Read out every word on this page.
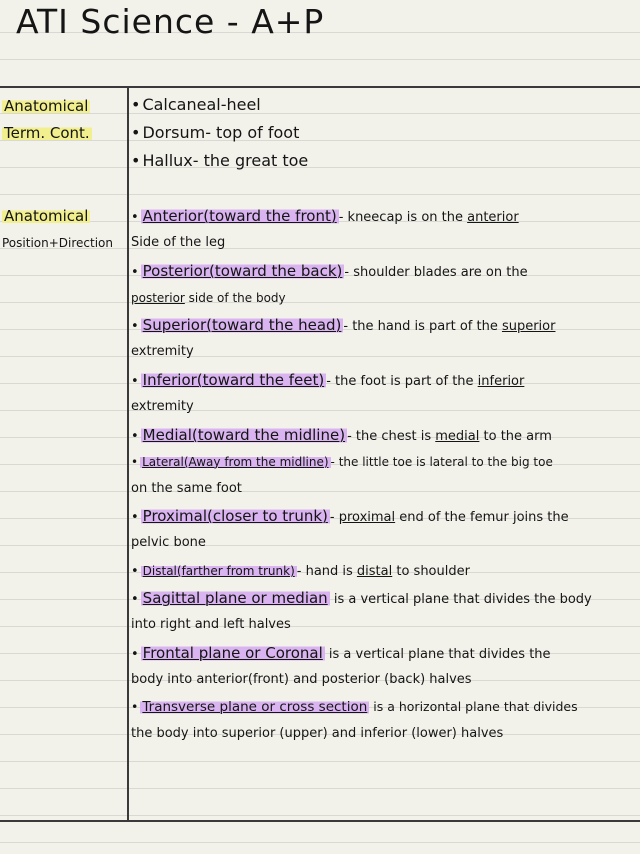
ATI Science - A+P
Anatomical
Term. Cont.
Anatomical
Position+Direction
• Calcaneal-heel
• Dorsum- top of foot
• Hallux- the great toe
• Anterior(toward the front) - kneecap is on the anterior
Side of the leg
• Posterior(toward the back) - shoulder blades are on the
posterior side of the body
• Superior(toward the head) - the hand is part of the superior
extremity
• Inferior(toward the feet) - the foot is part of the inferior
extremity
• Medial(toward the midline) - the chest is medial to the arm
• Lateral(Away from the midline) - the little toe is lateral to the big toe
on the same foot
• Proximal(closer to trunk) - proximal end of the femur joins the
pelvic bone
• Distal(farther from trunk) - hand is distal to shoulder
• Sagittal plane or median is a vertical plane that divides the body
into right and left halves
• Frontal plane or Coronal is a vertical plane that divides the
body into anterior(front) and posterior (back) halves
• Transverse plane or cross section is a horizontal plane that divides
the body into superior (upper) and inferior (lower) halves
